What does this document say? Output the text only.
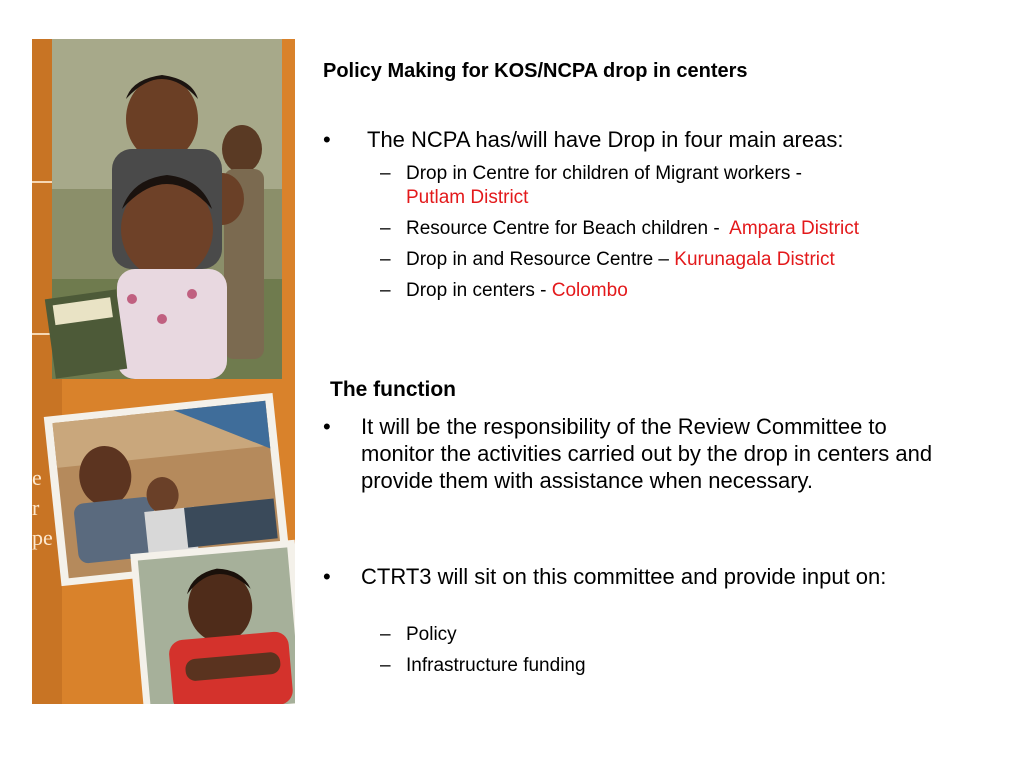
e
r
pe
Policy Making for KOS/NCPA drop in centers
• The NCPA has/will have Drop in four main areas:
– Drop in Centre for children of Migrant workers -
Putlam District
– Resource Centre for Beach children - Ampara District
– Drop in and Resource Centre – Kurunagala District
– Drop in centers - Colombo
The function
• It will be the responsibility of the Review Committee to monitor the activities carried out by the drop in centers and provide them with assistance when necessary.
• CTRT3 will sit on this committee and provide input on:
– Policy
– Infrastructure funding
